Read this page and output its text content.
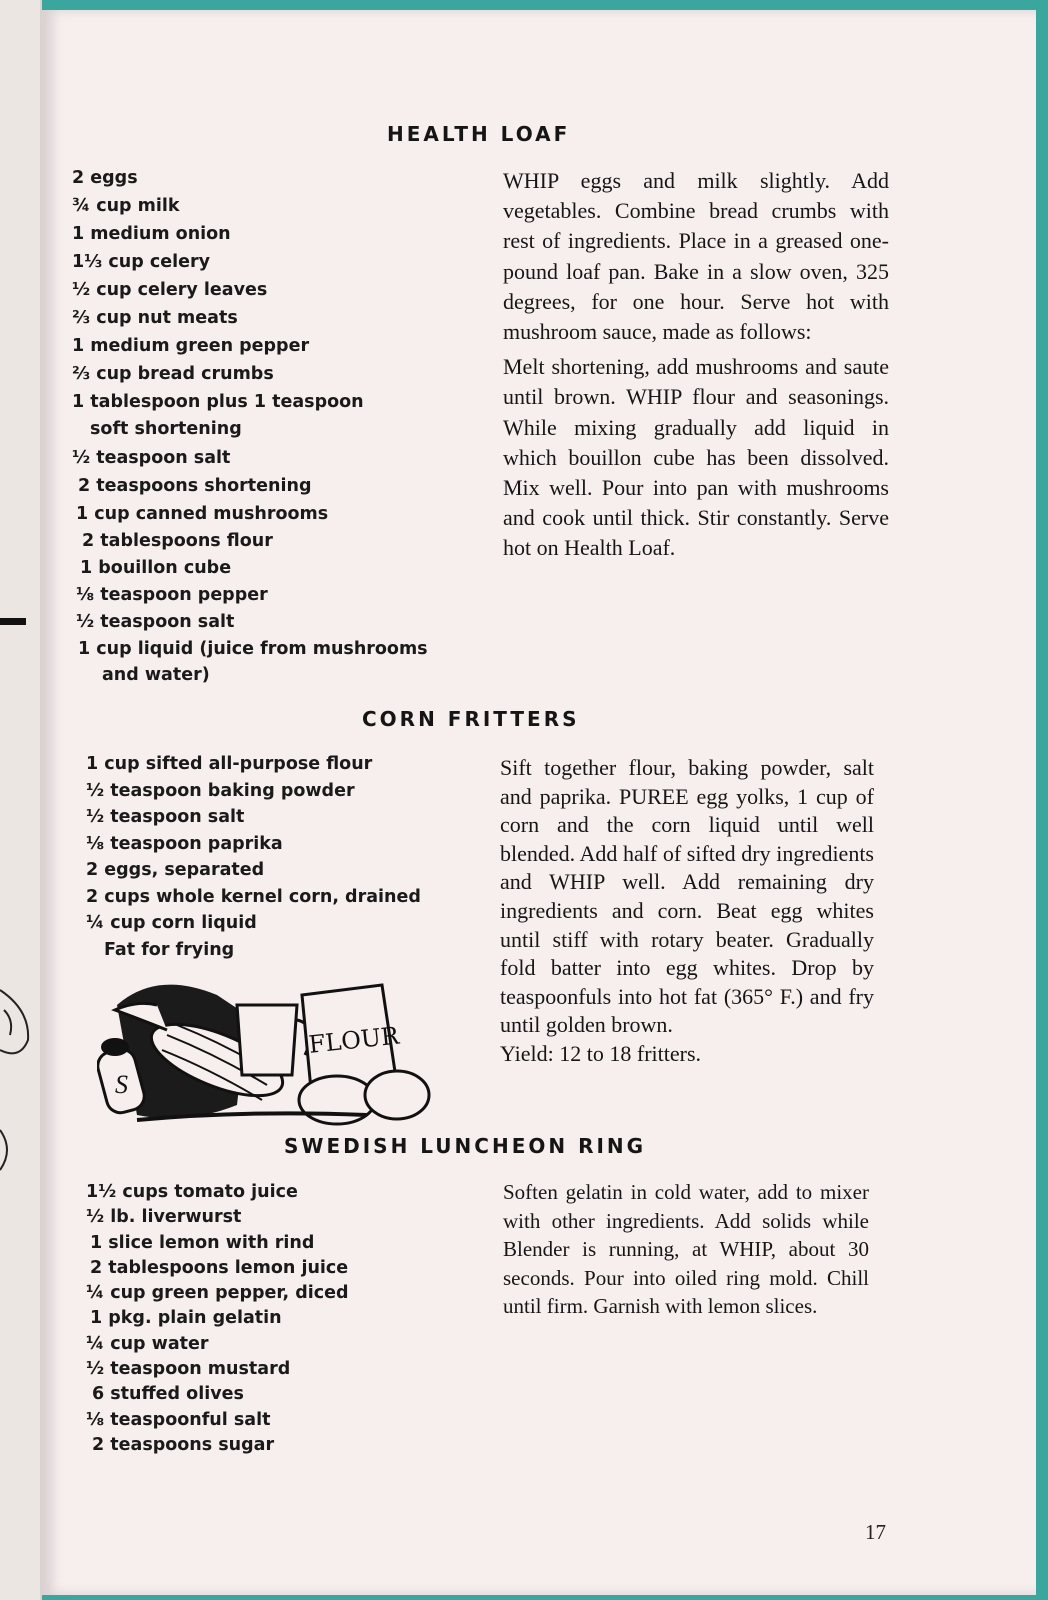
HEALTH LOAF
2 eggs
¾ cup milk
1 medium onion
1⅓ cup celery
½ cup celery leaves
⅔ cup nut meats
1 medium green pepper
⅔ cup bread crumbs
1 tablespoon plus 1 teaspoon
soft shortening
½ teaspoon salt
2 teaspoons shortening
1 cup canned mushrooms
2 tablespoons flour
1 bouillon cube
⅛ teaspoon pepper
½ teaspoon salt
1 cup liquid (juice from mushrooms
and water)

WHIP eggs and milk slightly. Add vegetables. Combine bread crumbs with rest of ingredients. Place in a greased one-pound loaf pan. Bake in a slow oven, 325 degrees, for one hour. Serve hot with mushroom sauce, made as follows:

Melt shortening, add mushrooms and saute until brown. WHIP flour and seasonings. While mixing gradually add liquid in which bouillon cube has been dissolved. Mix well. Pour into pan with mushrooms and cook until thick. Stir constantly. Serve hot on Health Loaf.

CORN FRITTERS
1 cup sifted all-purpose flour
½ teaspoon baking powder
½ teaspoon salt
⅛ teaspoon paprika
2 eggs, separated
2 cups whole kernel corn, drained
¼ cup corn liquid
Fat for frying

Sift together flour, baking powder, salt and paprika. PUREE egg yolks, 1 cup of corn and the corn liquid until well blended. Add half of sifted dry ingredients and WHIP well. Add remaining dry ingredients and corn. Beat egg whites until stiff with rotary beater. Gradually fold batter into egg whites. Drop by teaspoonfuls into hot fat (365° F.) and fry until golden brown.

Yield: 12 to 18 fritters.

S
FLOUR
SWEDISH LUNCHEON RING
1½ cups tomato juice
½ lb. liverwurst
1 slice lemon with rind
2 tablespoons lemon juice
¼ cup green pepper, diced
1 pkg. plain gelatin
¼ cup water
½ teaspoon mustard
6 stuffed olives
⅛ teaspoonful salt
2 teaspoons sugar

Soften gelatin in cold water, add to mixer with other ingredients. Add solids while Blender is running, at WHIP, about 30 seconds. Pour into oiled ring mold. Chill until firm. Garnish with lemon slices.

17
